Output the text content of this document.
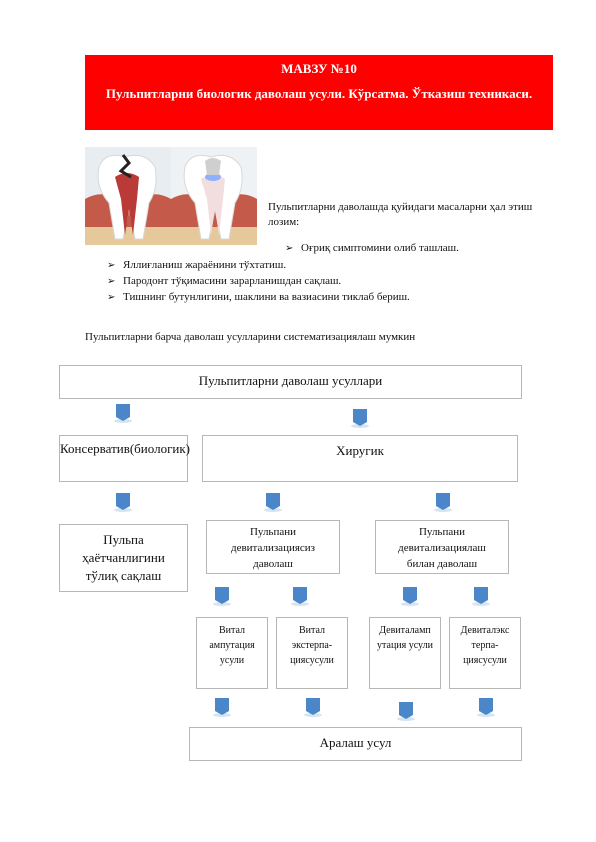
МАВЗУ №10
Пульпитларни биологик даволаш усули. Кўрсатма. Ўтказиш техникаси.
Пульпитларни даволашда қуйидаги масаларни ҳал этиш лозим:
➢ Оғриқ симптомини олиб ташлаш.
➢ Яллиғланиш жараёнини тўхтатиш.
➢ Пародонт тўқимасини зарарланишдан сақлаш.
➢ Тишнинг бутунлигини, шаклини ва вазиасини тиклаб бериш.
Пульпитларни барча даволаш усулларини систематизациялаш мумкин
Пульпитларни даволаш усуллари
Консерватив(биологик)	Хиругик
Пульпа ҳаётчанлигини тўлиқ сақлаш
Пульпани девитализациясиз даволаш
Пульпани девитализациялаш билан даволаш
Витал ампутация усули
Витал экстерпа- циясусули
Девиталамп утация усули
Девиталэкс терпа- циясусули
Аралаш усул
